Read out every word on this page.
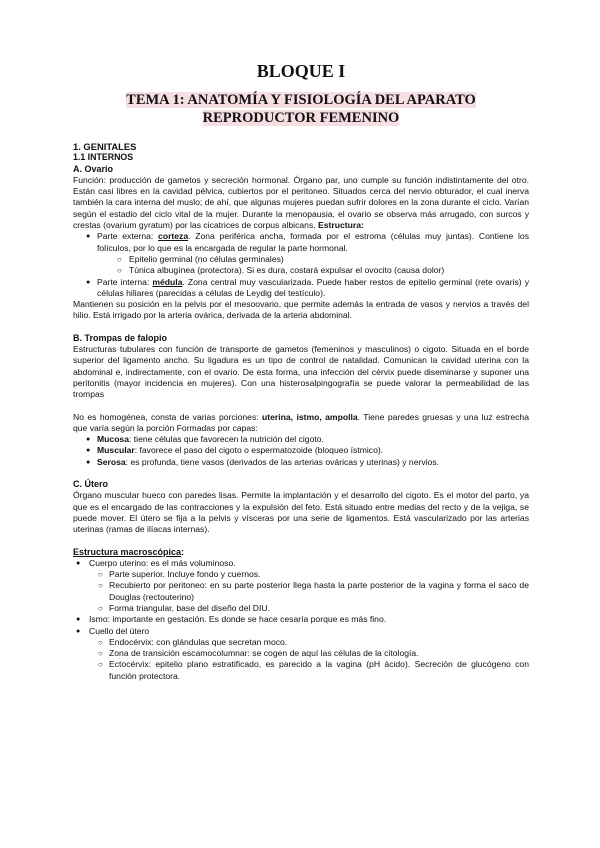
BLOQUE I
TEMA 1: ANATOMÍA Y FISIOLOGÍA DEL APARATO
REPRODUCTOR FEMENINO
1. GENITALES
1.1 INTERNOS
A. Ovario

Función: producción de gametos y secreción hormonal. Órgano par, uno cumple su función indistintamente del otro. Están casi libres en la cavidad pélvica, cubiertos por el peritoneo. Situados cerca del nervio obturador, el cual inerva también la cara interna del muslo; de ahí, que algunas mujeres puedan sufrir dolores en la zona durante el ciclo. Varían según el estadio del ciclo vital de la mujer. Durante la menopausia, el ovario se observa más arrugado, con surcos y crestas (ovarium gyratum) por las cicatrices de corpus albicans. Estructura:

● Parte externa: corteza. Zona periférica ancha, formada por el estroma (células muy juntas). Contiene los folículos, por lo que es la encargada de regular la parte hormonal.
○ Epitelio germinal (no células germinales)
○ Túnica albugínea (protectora). Si es dura, costará expulsar el ovocito (causa dolor)
● Parte interna: médula. Zona central muy vascularizada. Puede haber restos de epitelio germinal (rete ovaris) y células hiliares (parecidas a células de Leydig del testículo).

Mantienen su posición en la pelvis por el mesoovario, que permite además la entrada de vasos y nervios a través del hilio. Está irrigado por la arteria ovárica, derivada de la arteria abdominal.

B. Trompas de falopio

Estructuras tubulares con función de transporte de gametos (femeninos y masculinos) o cigoto. Situada en el borde superior del ligamento ancho. Su ligadura es un tipo de control de natalidad. Comunican la cavidad uterina con la abdominal e, indirectamente, con el ovario. De esta forma, una infección del cérvix puede diseminarse y suponer una peritonitis (mayor incidencia en mujeres). Con una histerosalpingografía se puede valorar la permeabilidad de las trompas

No es homogénea, consta de varias porciones: uterina, istmo, ampolla. Tiene paredes gruesas y una luz estrecha que varía según la porción Formadas por capas:

● Mucosa: tiene células que favorecen la nutrición del cigoto.
● Muscular: favorece el paso del cigoto o espermatozoide (bloqueo ístmico).
● Serosa: es profunda, tiene vasos (derivados de las arterias ováricas y uterinas) y nervios.
C. Útero

Órgano muscular hueco con paredes lisas. Permite la implantación y el desarrollo del cigoto. Es el motor del parto, ya que es el encargado de las contracciones y la expulsión del feto. Está situado entre medias del recto y de la vejiga, se puede mover. El útero se fija a la pelvis y vísceras por una serie de ligamentos. Está vascularizado por las arterias uterinas (ramas de ilíacas internas).

Estructura macroscópica:
● Cuerpo uterino: es el más voluminoso.
○ Parte superior. Incluye fondo y cuernos.
○ Recubierto por peritoneo: en su parte posterior llega hasta la parte posterior de la vagina y forma el saco de Douglas (rectouterino)
○ Forma triangular, base del diseño del DIU.
● Ismo: importante en gestación. Es donde se hace cesaría porque es más fino.
● Cuello del útero
○ Endocérvix: con glándulas que secretan moco.
○ Zona de transición escamocolumnar: se cogen de aquí las células de la citología.
○ Ectocérvix: epitelio plano estratificado, es parecido a la vagina (pH ácido). Secreción de glucógeno con función protectora.
